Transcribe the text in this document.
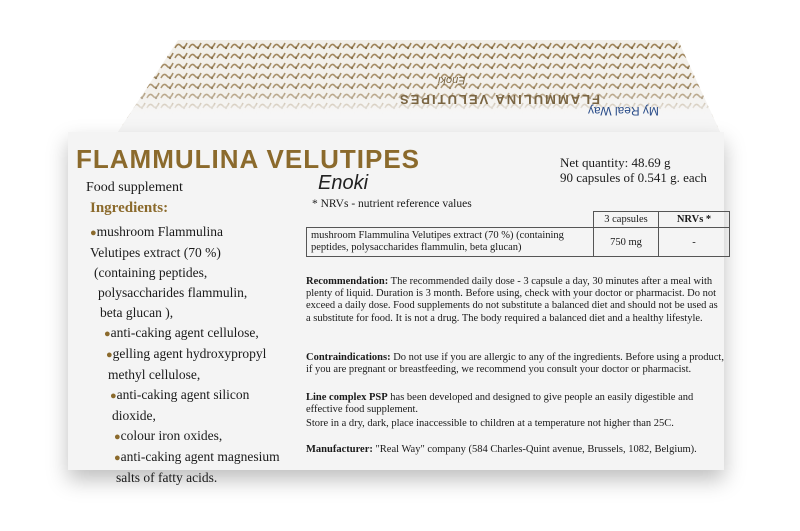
FLAMMULINA VELUTIPES
Enoki
My Real Way
FLAMMULINA VELUTIPES
Enoki
Net quantity: 48.69 g
90 capsules of 0.541 g. each
Food supplement
Ingredients:
●mushroom Flammulina
Velutipes extract (70 %)
(containing peptides,
polysaccharides flammulin,
beta glucan ),
●anti-caking agent cellulose,
●gelling agent hydroxypropyl
methyl cellulose,
●anti-caking agent silicon
dioxide,
●colour iron oxides,
●anti-caking agent magnesium
salts of fatty acids.
* NRVs - nutrient reference values
	3 capsules	NRVs *
mushroom Flammulina Velutipes extract (70 %) (containing peptides, polysaccharides flammulin, beta glucan)	750 mg	-
Recommendation: The recommended daily dose - 3 capsule a day, 30 minutes after a meal with plenty of liquid. Duration is 3 month. Before using, check with your doctor or pharmacist. Do not exceed a daily dose. Food supplements do not substitute a balanced diet and should not be used as a substitute for food. It is not a drug. The body required a balanced diet and a healthy lifestyle.
Contraindications: Do not use if you are allergic to any of the ingredients. Before using a product, if you are pregnant or breastfeeding, we recommend you consult your doctor or pharmacist.
Line complex PSP has been developed and designed to give people an easily digestible and effective food supplement.
Store in a dry, dark, place inaccessible to children at a temperature not higher than 25C.
Manufacturer: "Real Way" company (584 Charles-Quint avenue, Brussels, 1082, Belgium).
